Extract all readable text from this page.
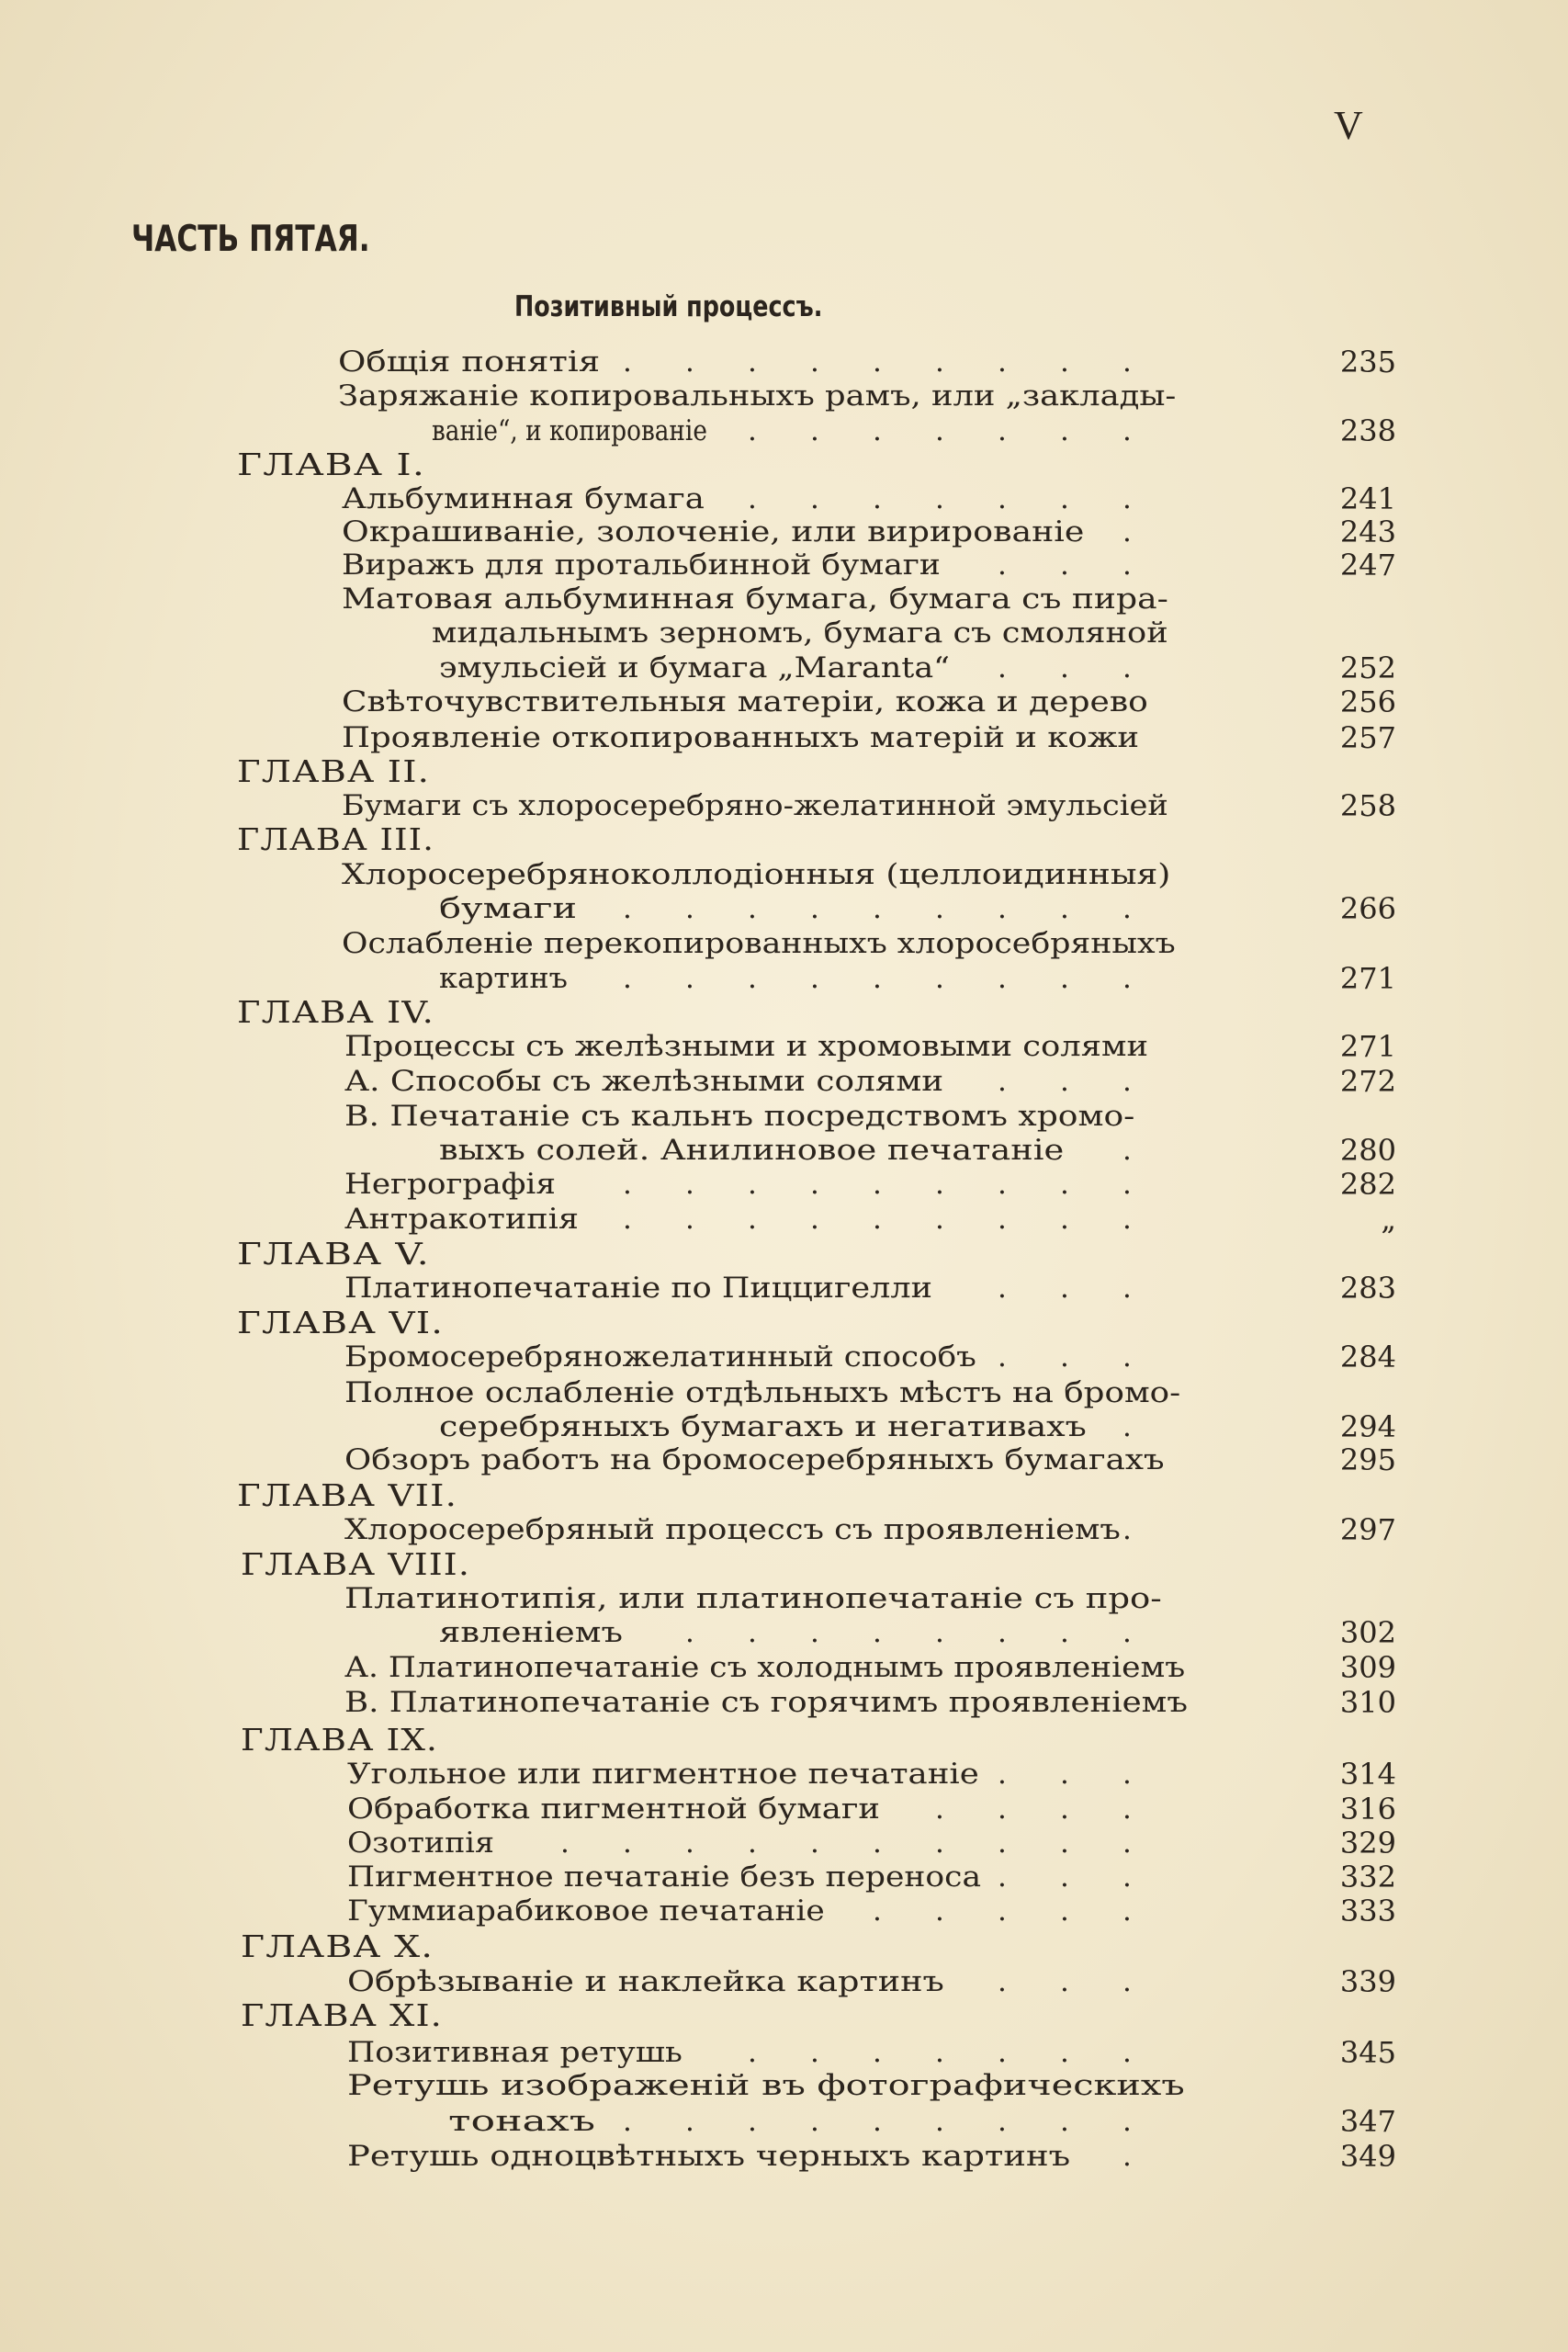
V
ЧАСТЬ ПЯТАЯ.
Позитивный процессъ.
Общія понятія . . . . . . . . .	235
Заряжаніе копировальныхъ рамъ, или „заклады-
ваніе“, и копированіе . . . . . . .	238
ГЛАВА I.
Альбуминная бумага . . . . . . .	241
Окрашиваніе, золоченіе, или вирированіе .	243
Виражъ для протальбинной бумаги . . .	247
Матовая альбуминная бумага, бумага съ пира-
мидальнымъ зерномъ, бумага съ смоляной
эмульсіей и бумага „Maranta“ . . .	252
Свѣточувствительныя матеріи, кожа и дерево	256
Проявленіе откопированныхъ матерій и кожи	257
ГЛАВА II.
Бумаги съ хлоросеребряно-желатинной эмульсіей	258
ГЛАВА III.
Хлоросеребряноколлодіонныя (целлоидинныя)
бумаги . . . . . . . . .	266
Ослабленіе перекопированныхъ хлоросебряныхъ
картинъ . . . . . . . . .	271
ГЛАВА IV.
Процессы съ желѣзными и хромовыми солями	271
А. Способы съ желѣзными солями . . .	272
В. Печатаніе съ кальнъ посредствомъ хромо-
выхъ солей. Анилиновое печатаніе .	280
Негрографія . . . . . . . . .	282
Антракотипія . . . . . . . . .	„
ГЛАВА V.
Платинопечатаніе по Пиццигелли . . .	283
ГЛАВА VI.
Бромосеребряножелатинный способъ . . .	284
Полное ослабленіе отдѣльныхъ мѣстъ на бромо-
серебряныхъ бумагахъ и негативахъ .	294
Обзоръ работъ на бромосеребряныхъ бумагахъ	295
ГЛАВА VII.
Хлоросеребряный процессъ съ проявленіемъ .	297
ГЛАВА VIII.
Платинотипія, или платинопечатаніе съ про-
явленіемъ . . . . . . . .	302
А. Платинопечатаніе съ холоднымъ проявленіемъ	309
В. Платинопечатаніе съ горячимъ проявленіемъ	310
ГЛАВА IX.
Угольное или пигментное печатаніе . . .	314
Обработка пигментной бумаги . . . .	316
Озотипія . . . . . . . . . .	329
Пигментное печатаніе безъ переноса . . .	332
Гуммиарабиковое печатаніе . . . . .	333
ГЛАВА X.
Обрѣзываніе и наклейка картинъ . . .	339
ГЛАВА XI.
Позитивная ретушь . . . . . . .	345
Ретушь изображеній въ фотографическихъ
тонахъ . . . . . . . . .	347
Ретушь одноцвѣтныхъ черныхъ картинъ .	349
